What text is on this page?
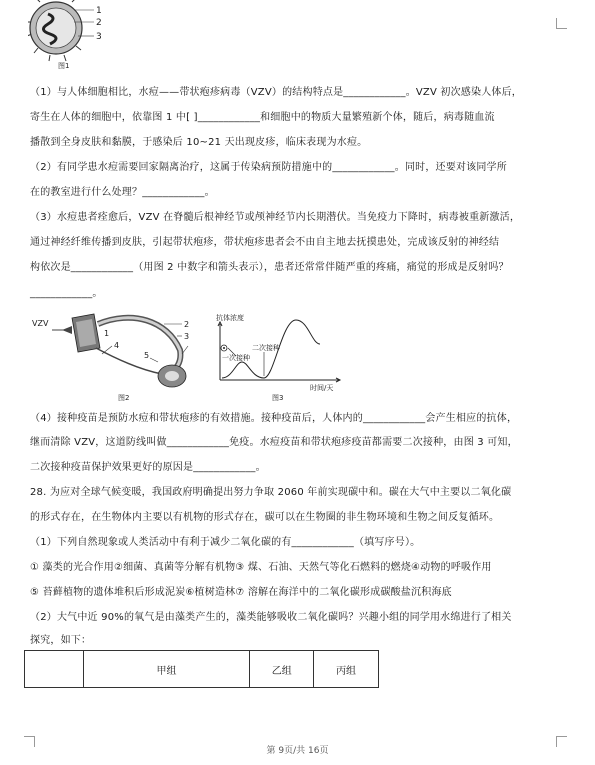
1
2
3
图1
（1）与人体细胞相比，水痘——带状疱疹病毒（VZV）的结构特点是____________。VZV 初次感染人体后，
寄生在人体的细胞中，依靠图 1 中[ ]____________和细胞中的物质大量繁殖新个体，随后，病毒随血流
播散到全身皮肤和黏膜，于感染后 10~21 天出现皮疹，临床表现为水痘。
（2）有同学患水痘需要回家隔离治疗，这属于传染病预防措施中的____________。同时，还要对该同学所
在的教室进行什么处理？____________。
（3）水痘患者痊愈后，VZV 在脊髓后根神经节或颅神经节内长期潜伏。当免疫力下降时，病毒被重新激活，
通过神经纤维传播到皮肤，引起带状疱疹，带状疱疹患者会不由自主地去抚摸患处，完成该反射的神经结
构依次是____________（用图 2 中数字和箭头表示），患者还常常伴随严重的疼痛，痛觉的形成是反射吗？
____________。
VZV
1
2
3
4
5
图2
抗体浓度
一次接种
二次接种
时间/天
图3
（4）接种疫苗是预防水痘和带状疱疹的有效措施。接种疫苗后，人体内的____________会产生相应的抗体，
继而清除 VZV，这道防线叫做____________免疫。水痘疫苗和带状疱疹疫苗都需要二次接种，由图 3 可知，
二次接种疫苗保护效果更好的原因是____________。
28. 为应对全球气候变暖，我国政府明确提出努力争取 2060 年前实现碳中和。碳在大气中主要以二氧化碳
的形式存在，在生物体内主要以有机物的形式存在，碳可以在生物圈的非生物环境和生物之间反复循环。
（1）下列自然现象或人类活动中有利于减少二氧化碳的有____________（填写序号）。
① 藻类的光合作用②细菌、真菌等分解有机物③ 煤、石油、天然气等化石燃料的燃烧④动物的呼吸作用
⑤ 苔藓植物的遗体堆积后形成泥炭⑥植树造林⑦ 溶解在海洋中的二氧化碳形成碳酸盐沉积海底
（2）大气中近 90%的氧气是由藻类产生的，藻类能够吸收二氧化碳吗？兴趣小组的同学用水绵进行了相关
探究，如下：
	甲组	乙组	丙组
第 9页/共 16页
